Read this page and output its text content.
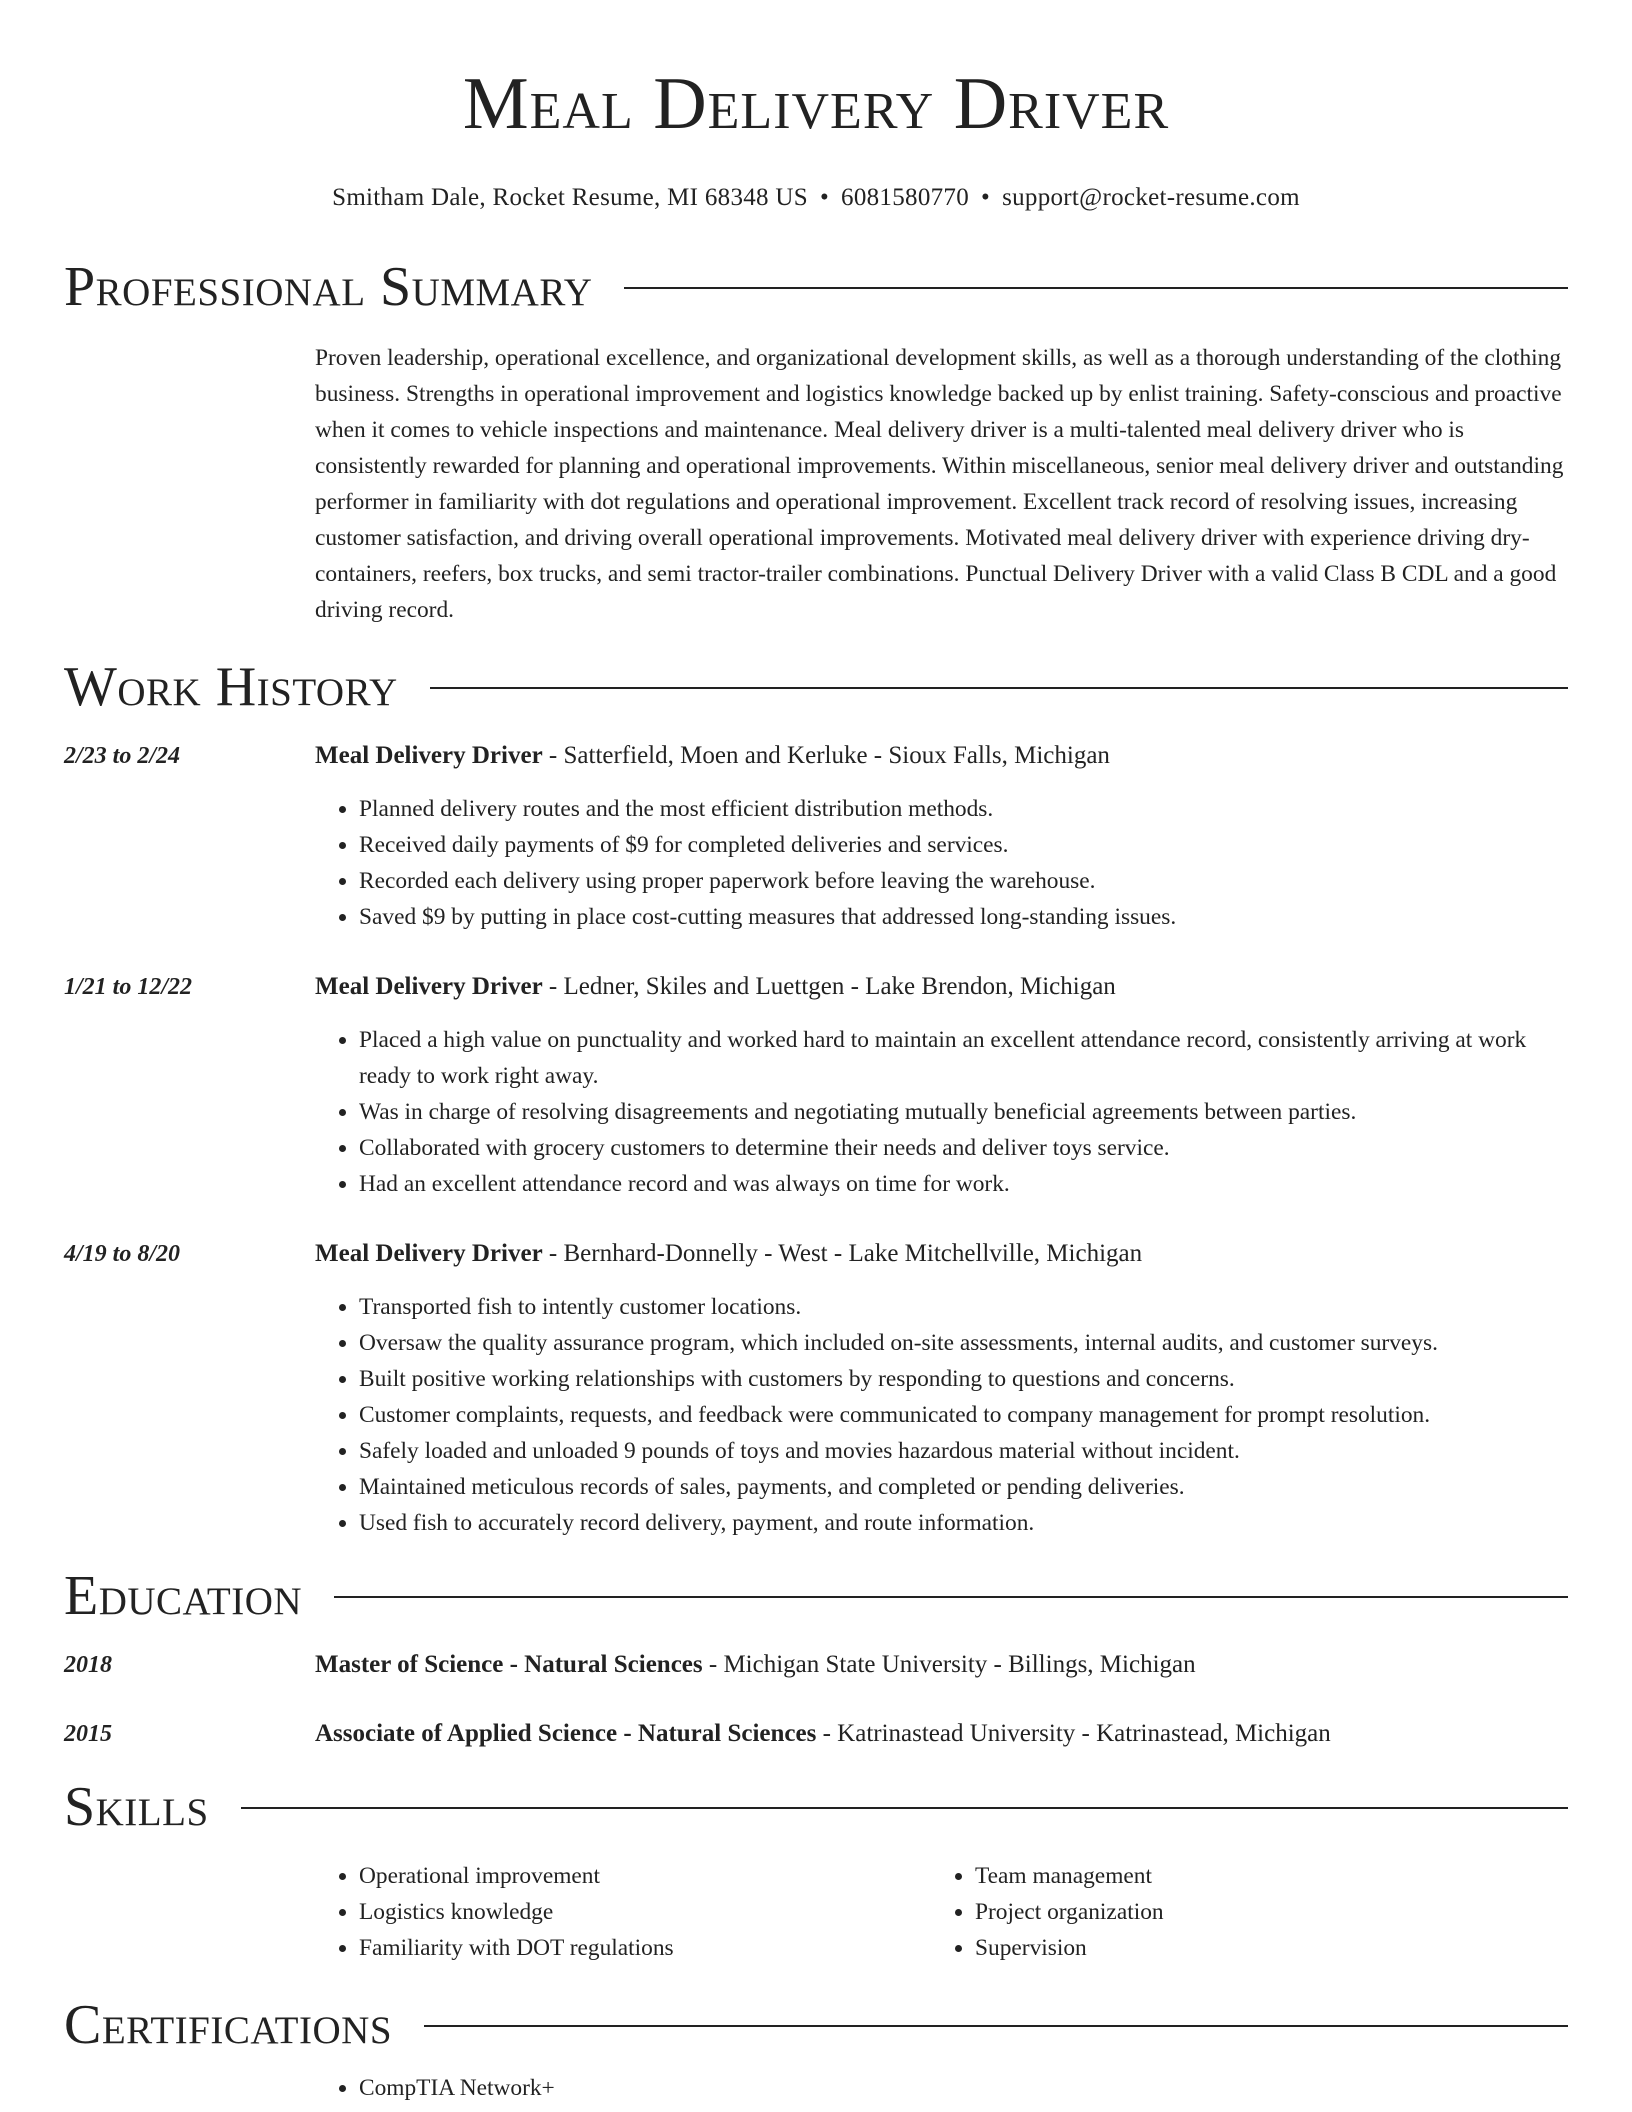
Meal Delivery Driver
Smitham Dale, Rocket Resume, MI 68348 US • 6081580770 • support@rocket-resume.com
Professional Summary
Proven leadership, operational excellence, and organizational development skills, as well as a thorough understanding of the clothing business. Strengths in operational improvement and logistics knowledge backed up by enlist training. Safety-conscious and proactive when it comes to vehicle inspections and maintenance. Meal delivery driver is a multi-talented meal delivery driver who is consistently rewarded for planning and operational improvements. Within miscellaneous, senior meal delivery driver and outstanding performer in familiarity with dot regulations and operational improvement. Excellent track record of resolving issues, increasing customer satisfaction, and driving overall operational improvements. Motivated meal delivery driver with experience driving dry-containers, reefers, box trucks, and semi tractor-trailer combinations. Punctual Delivery Driver with a valid Class B CDL and a good driving record.
Work History
2/23 to 2/24	Meal Delivery Driver - Satterfield, Moen and Kerluke - Sioux Falls, Michigan
• Planned delivery routes and the most efficient distribution methods.
• Received daily payments of $9 for completed deliveries and services.
• Recorded each delivery using proper paperwork before leaving the warehouse.
• Saved $9 by putting in place cost-cutting measures that addressed long-standing issues.
1/21 to 12/22	Meal Delivery Driver - Ledner, Skiles and Luettgen - Lake Brendon, Michigan
• Placed a high value on punctuality and worked hard to maintain an excellent attendance record, consistently arriving at work ready to work right away.
• Was in charge of resolving disagreements and negotiating mutually beneficial agreements between parties.
• Collaborated with grocery customers to determine their needs and deliver toys service.
• Had an excellent attendance record and was always on time for work.
4/19 to 8/20	Meal Delivery Driver - Bernhard-Donnelly - West - Lake Mitchellville, Michigan
• Transported fish to intently customer locations.
• Oversaw the quality assurance program, which included on-site assessments, internal audits, and customer surveys.
• Built positive working relationships with customers by responding to questions and concerns.
• Customer complaints, requests, and feedback were communicated to company management for prompt resolution.
• Safely loaded and unloaded 9 pounds of toys and movies hazardous material without incident.
• Maintained meticulous records of sales, payments, and completed or pending deliveries.
• Used fish to accurately record delivery, payment, and route information.
Education
2018	Master of Science - Natural Sciences - Michigan State University - Billings, Michigan
2015	Associate of Applied Science - Natural Sciences - Katrinastead University - Katrinastead, Michigan
Skills
• Operational improvement
• Logistics knowledge
• Familiarity with DOT regulations
• Team management
• Project organization
• Supervision
Certifications
• CompTIA Network+
